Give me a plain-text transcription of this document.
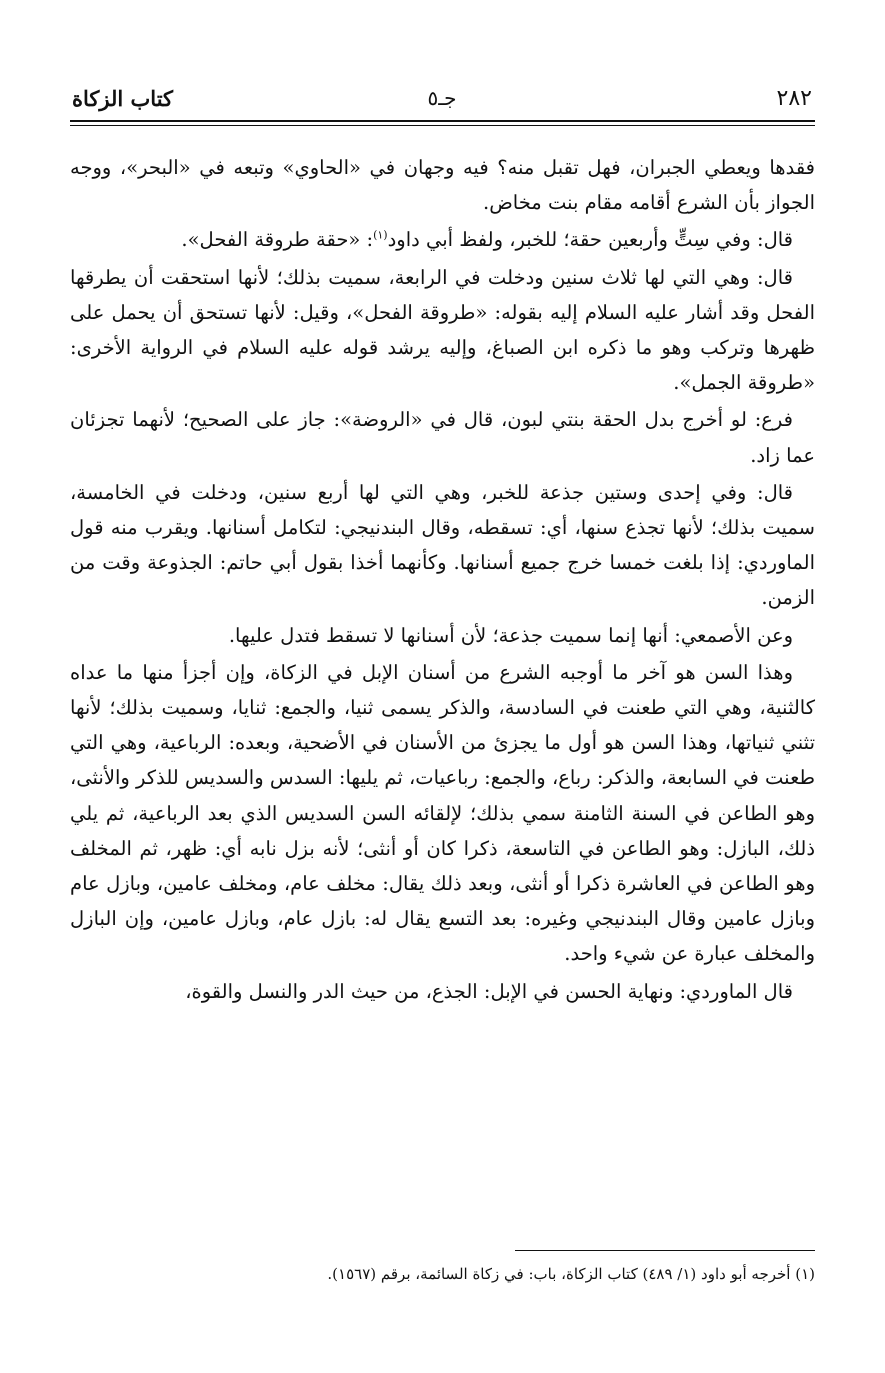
٢٨٢
جـ٥
كتاب الزكاة

فقدها ويعطي الجبران، فهل تقبل منه؟ فيه وجهان في «الحاوي» وتبعه في «البحر»، ووجه الجواز بأن الشرع أقامه مقام بنت مخاض.

قال: وفي سِتٍّ وأربعين حقة؛ للخبر، ولفظ أبي داود$^{(١)}$: «حقة طروقة الفحل».

قال: وهي التي لها ثلاث سنين ودخلت في الرابعة، سميت بذلك؛ لأنها استحقت أن يطرقها الفحل وقد أشار عليه السلام إليه بقوله: «طروقة الفحل»، وقيل: لأنها تستحق أن يحمل على ظهرها وتركب وهو ما ذكره ابن الصباغ، وإليه يرشد قوله عليه السلام في الرواية الأخرى: «طروقة الجمل».

فرع: لو أخرج بدل الحقة بنتي لبون، قال في «الروضة»: جاز على الصحيح؛ لأنهما تجزئان عما زاد.

قال: وفي إحدى وستين جذعة للخبر، وهي التي لها أربع سنين، ودخلت في الخامسة، سميت بذلك؛ لأنها تجذع سنها، أي: تسقطه، وقال البندنيجي: لتكامل أسنانها. ويقرب منه قول الماوردي: إذا بلغت خمسا خرج جميع أسنانها. وكأنهما أخذا بقول أبي حاتم: الجذوعة وقت من الزمن.

وعن الأصمعي: أنها إنما سميت جذعة؛ لأن أسنانها لا تسقط فتدل عليها.

وهذا السن هو آخر ما أوجبه الشرع من أسنان الإبل في الزكاة، وإن أجزأ منها ما عداه كالثنية، وهي التي طعنت في السادسة، والذكر يسمى ثنيا، والجمع: ثنايا، وسميت بذلك؛ لأنها تثني ثنياتها، وهذا السن هو أول ما يجزئ من الأسنان في الأضحية، وبعده: الرباعية، وهي التي طعنت في السابعة، والذكر: رباع، والجمع: رباعيات، ثم يليها: السدس والسديس للذكر والأنثى، وهو الطاعن في السنة الثامنة سمي بذلك؛ لإلقائه السن السديس الذي بعد الرباعية، ثم يلي ذلك، البازل: وهو الطاعن في التاسعة، ذكرا كان أو أنثى؛ لأنه بزل نابه أي: ظهر، ثم المخلف وهو الطاعن في العاشرة ذكرا أو أنثى، وبعد ذلك يقال: مخلف عام، ومخلف عامين، وبازل عام وبازل عامين وقال البندنيجي وغيره: بعد التسع يقال له: بازل عام، وبازل عامين، وإن البازل والمخلف عبارة عن شيء واحد.

قال الماوردي: ونهاية الحسن في الإبل: الجذع، من حيث الدر والنسل والقوة،

(١) أخرجه أبو داود (١/ ٤٨٩) كتاب الزكاة، باب: في زكاة السائمة، برقم (١٥٦٧).
